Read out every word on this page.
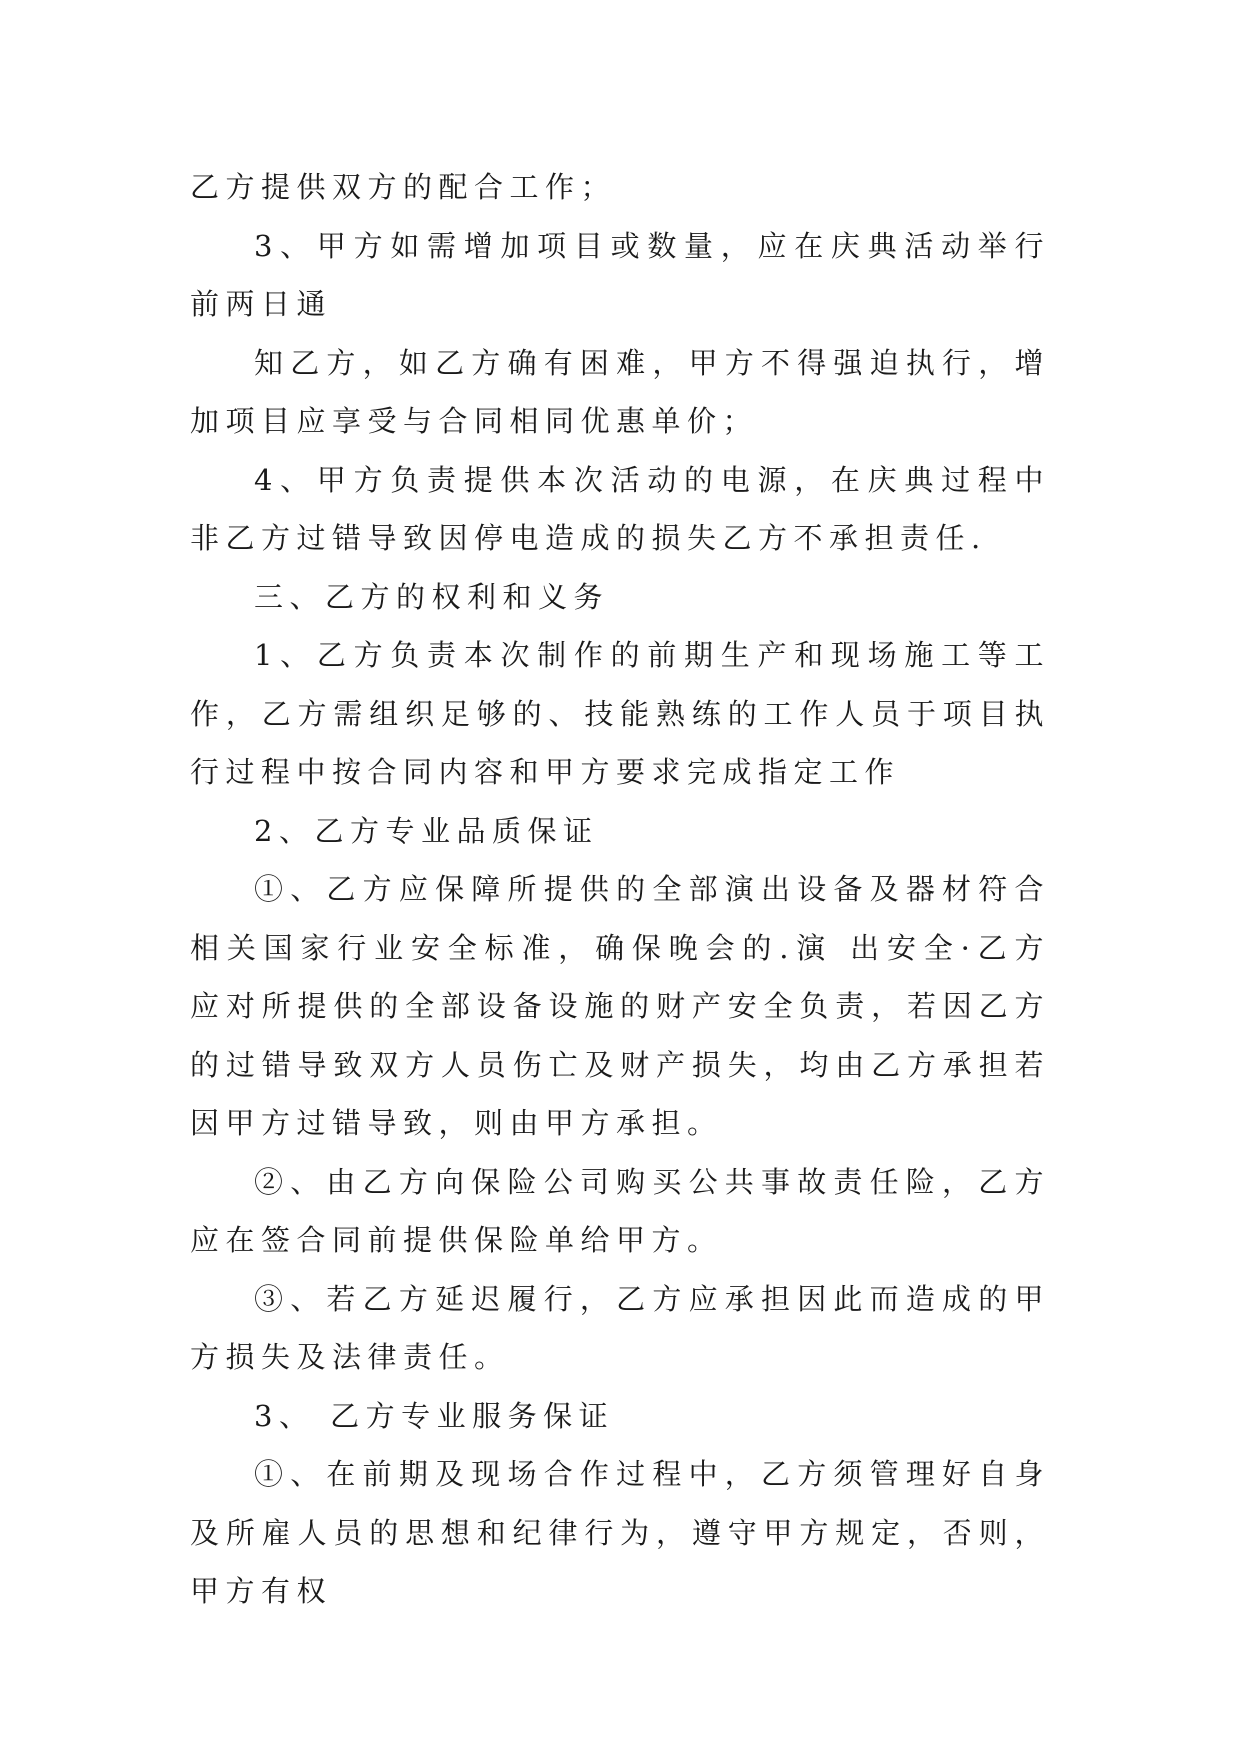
乙方提供双方的配合工作；

3、甲方如需增加项目或数量，应在庆典活动举行前两日通

知乙方，如乙方确有困难，甲方不得强迫执行，增加项目应享受与合同相同优惠单价；

4、甲方负责提供本次活动的电源，在庆典过程中非乙方过错导致因停电造成的损失乙方不承担责任.

三、乙方的权利和义务

1、乙方负责本次制作的前期生产和现场施工等工作，乙方需组织足够的、技能熟练的工作人员于项目执行过程中按合同内容和甲方要求完成指定工作

2、乙方专业品质保证

①、乙方应保障所提供的全部演出设备及器材符合相关国家行业安全标准，确保晚会的.演 出安全·乙方应对所提供的全部设备设施的财产安全负责，若因乙方的过错导致双方人员伤亡及财产损失，均由乙方承担若因甲方过错导致，则由甲方承担。

②、由乙方向保险公司购买公共事故责任险，乙方应在签合同前提供保险单给甲方。

③、若乙方延迟履行，乙方应承担因此而造成的甲方损失及法律责任。

3、 乙方专业服务保证

①、在前期及现场合作过程中，乙方须管理好自身及所雇人员的思想和纪律行为，遵守甲方规定，否则，甲方有权
